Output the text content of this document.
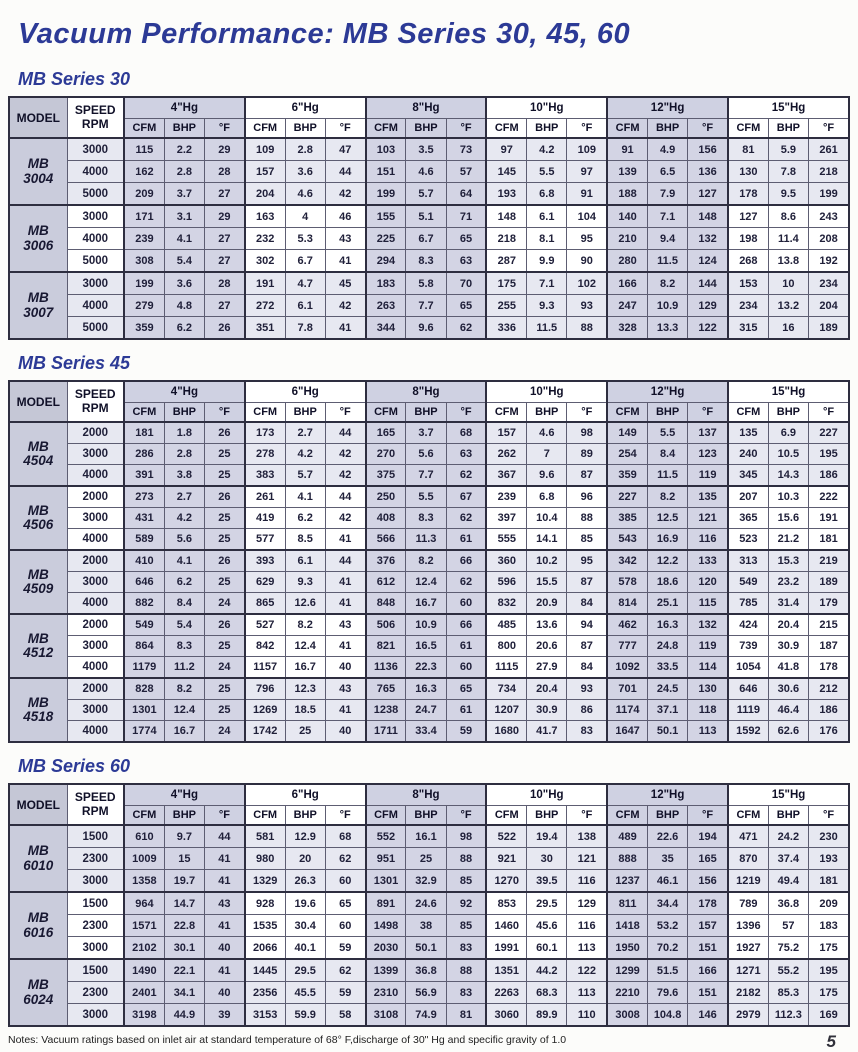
Vacuum Performance: MB Series 30, 45, 60
MB Series 30
MODEL	SPEED
RPM	4"Hg			6"Hg			8"Hg			10"Hg			12"Hg			15"Hg		
		CFM	BHP	°F	CFM	BHP	°F	CFM	BHP	°F	CFM	BHP	°F	CFM	BHP	°F	CFM	BHP	°F

MB
3004	3000	115	2.2	29	109	2.8	47	103	3.5	73	97	4.2	109	91	4.9	156	81	5.9	261
	4000	162	2.8	28	157	3.6	44	151	4.6	57	145	5.5	97	139	6.5	136	130	7.8	218
	5000	209	3.7	27	204	4.6	42	199	5.7	64	193	6.8	91	188	7.9	127	178	9.5	199

MB
3006	3000	171	3.1	29	163	4	46	155	5.1	71	148	6.1	104	140	7.1	148	127	8.6	243
	4000	239	4.1	27	232	5.3	43	225	6.7	65	218	8.1	95	210	9.4	132	198	11.4	208
	5000	308	5.4	27	302	6.7	41	294	8.3	63	287	9.9	90	280	11.5	124	268	13.8	192

MB
3007	3000	199	3.6	28	191	4.7	45	183	5.8	70	175	7.1	102	166	8.2	144	153	10	234
	4000	279	4.8	27	272	6.1	42	263	7.7	65	255	9.3	93	247	10.9	129	234	13.2	204
	5000	359	6.2	26	351	7.8	41	344	9.6	62	336	11.5	88	328	13.3	122	315	16	189
MB Series 45
MODEL	SPEED
RPM	4"Hg			6"Hg			8"Hg			10"Hg			12"Hg			15"Hg		
		CFM	BHP	°F	CFM	BHP	°F	CFM	BHP	°F	CFM	BHP	°F	CFM	BHP	°F	CFM	BHP	°F

MB
4504	2000	181	1.8	26	173	2.7	44	165	3.7	68	157	4.6	98	149	5.5	137	135	6.9	227
	3000	286	2.8	25	278	4.2	42	270	5.6	63	262	7	89	254	8.4	123	240	10.5	195
	4000	391	3.8	25	383	5.7	42	375	7.7	62	367	9.6	87	359	11.5	119	345	14.3	186

MB
4506	2000	273	2.7	26	261	4.1	44	250	5.5	67	239	6.8	96	227	8.2	135	207	10.3	222
	3000	431	4.2	25	419	6.2	42	408	8.3	62	397	10.4	88	385	12.5	121	365	15.6	191
	4000	589	5.6	25	577	8.5	41	566	11.3	61	555	14.1	85	543	16.9	116	523	21.2	181

MB
4509	2000	410	4.1	26	393	6.1	44	376	8.2	66	360	10.2	95	342	12.2	133	313	15.3	219
	3000	646	6.2	25	629	9.3	41	612	12.4	62	596	15.5	87	578	18.6	120	549	23.2	189
	4000	882	8.4	24	865	12.6	41	848	16.7	60	832	20.9	84	814	25.1	115	785	31.4	179

MB
4512	2000	549	5.4	26	527	8.2	43	506	10.9	66	485	13.6	94	462	16.3	132	424	20.4	215
	3000	864	8.3	25	842	12.4	41	821	16.5	61	800	20.6	87	777	24.8	119	739	30.9	187
	4000	1179	11.2	24	1157	16.7	40	1136	22.3	60	1115	27.9	84	1092	33.5	114	1054	41.8	178

MB
4518	2000	828	8.2	25	796	12.3	43	765	16.3	65	734	20.4	93	701	24.5	130	646	30.6	212
	3000	1301	12.4	25	1269	18.5	41	1238	24.7	61	1207	30.9	86	1174	37.1	118	1119	46.4	186
	4000	1774	16.7	24	1742	25	40	1711	33.4	59	1680	41.7	83	1647	50.1	113	1592	62.6	176
MB Series 60
MODEL	SPEED
RPM	4"Hg			6"Hg			8"Hg			10"Hg			12"Hg			15"Hg		
		CFM	BHP	°F	CFM	BHP	°F	CFM	BHP	°F	CFM	BHP	°F	CFM	BHP	°F	CFM	BHP	°F

MB
6010	1500	610	9.7	44	581	12.9	68	552	16.1	98	522	19.4	138	489	22.6	194	471	24.2	230
	2300	1009	15	41	980	20	62	951	25	88	921	30	121	888	35	165	870	37.4	193
	3000	1358	19.7	41	1329	26.3	60	1301	32.9	85	1270	39.5	116	1237	46.1	156	1219	49.4	181

MB
6016	1500	964	14.7	43	928	19.6	65	891	24.6	92	853	29.5	129	811	34.4	178	789	36.8	209
	2300	1571	22.8	41	1535	30.4	60	1498	38	85	1460	45.6	116	1418	53.2	157	1396	57	183
	3000	2102	30.1	40	2066	40.1	59	2030	50.1	83	1991	60.1	113	1950	70.2	151	1927	75.2	175

MB
6024	1500	1490	22.1	41	1445	29.5	62	1399	36.8	88	1351	44.2	122	1299	51.5	166	1271	55.2	195
	2300	2401	34.1	40	2356	45.5	59	2310	56.9	83	2263	68.3	113	2210	79.6	151	2182	85.3	175
	3000	3198	44.9	39	3153	59.9	58	3108	74.9	81	3060	89.9	110	3008	104.8	146	2979	112.3	169
Notes: Vacuum ratings based on inlet air at standard temperature of 68° F,discharge of 30" Hg and specific gravity of 1.0	5
